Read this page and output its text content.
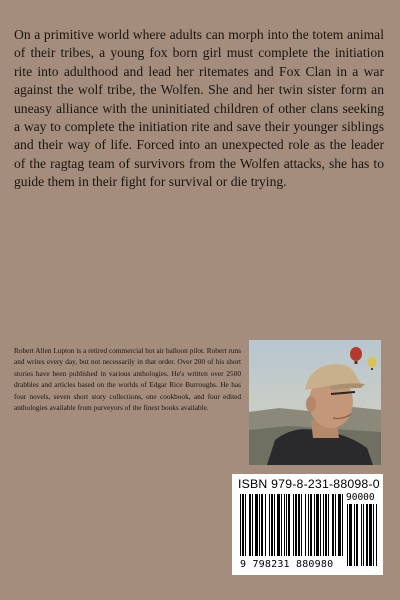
On a primitive world where adults can morph into the totem animal of their tribes, a young fox born girl must complete the initiation rite into adulthood and lead her ritemates and Fox Clan in a war against the wolf tribe, the Wolfen. She and her twin sister form an uneasy alliance with the uninitiated children of other clans seeking a way to complete the initiation rite and save their younger siblings and their way of life. Forced into an unexpected role as the leader of the ragtag team of survivors from the Wolfen attacks, she has to guide them in their fight for survival or die trying.

Robert Allen Lupton is a retired commercial hot air balloon pilot. Robert runs and writes every day, but not necessarily in that order. Over 200 of his short stories have been published in various anthologies. He's written over 2500 drabbles and articles based on the worlds of Edgar Rice Burroughs. He has four novels, seven short story collections, one cookbook, and four edited anthologies available from purveyors of the finest books available.

ISBN 979-8-231-88098-0
90000
9 798231 880980
